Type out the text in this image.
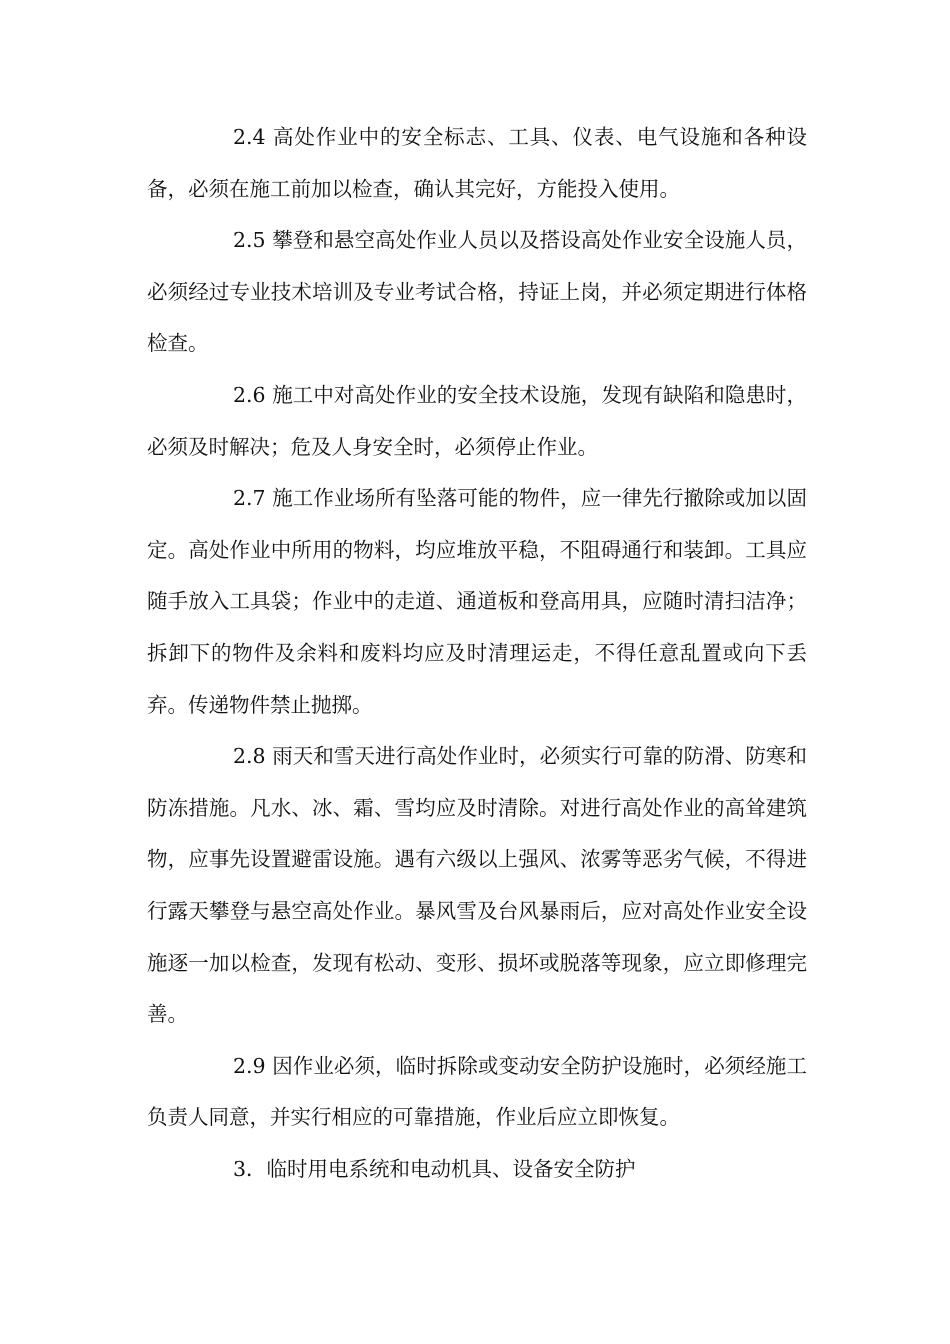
2.4 高处作业中的安全标志、工具、仪表、电气设施和各种设备，必须在施工前加以检查，确认其完好，方能投入使用。

2.5 攀登和悬空高处作业人员以及搭设高处作业安全设施人员，必须经过专业技术培训及专业考试合格，持证上岗，并必须定期进行体格检查。

2.6 施工中对高处作业的安全技术设施，发现有缺陷和隐患时，必须及时解决；危及人身安全时，必须停止作业。

2.7 施工作业场所有坠落可能的物件，应一律先行撤除或加以固定。高处作业中所用的物料，均应堆放平稳，不阻碍通行和装卸。工具应随手放入工具袋；作业中的走道、通道板和登高用具，应随时清扫洁净；拆卸下的物件及余料和废料均应及时清理运走，不得任意乱置或向下丢弃。传递物件禁止抛掷。

2.8 雨天和雪天进行高处作业时，必须实行可靠的防滑、防寒和防冻措施。凡水、冰、霜、雪均应及时清除。对进行高处作业的高耸建筑物，应事先设置避雷设施。遇有六级以上强风、浓雾等恶劣气候，不得进行露天攀登与悬空高处作业。暴风雪及台风暴雨后，应对高处作业安全设施逐一加以检查，发现有松动、变形、损坏或脱落等现象，应立即修理完善。

2.9 因作业必须，临时拆除或变动安全防护设施时，必须经施工负责人同意，并实行相应的可靠措施，作业后应立即恢复。

3．临时用电系统和电动机具、设备安全防护
